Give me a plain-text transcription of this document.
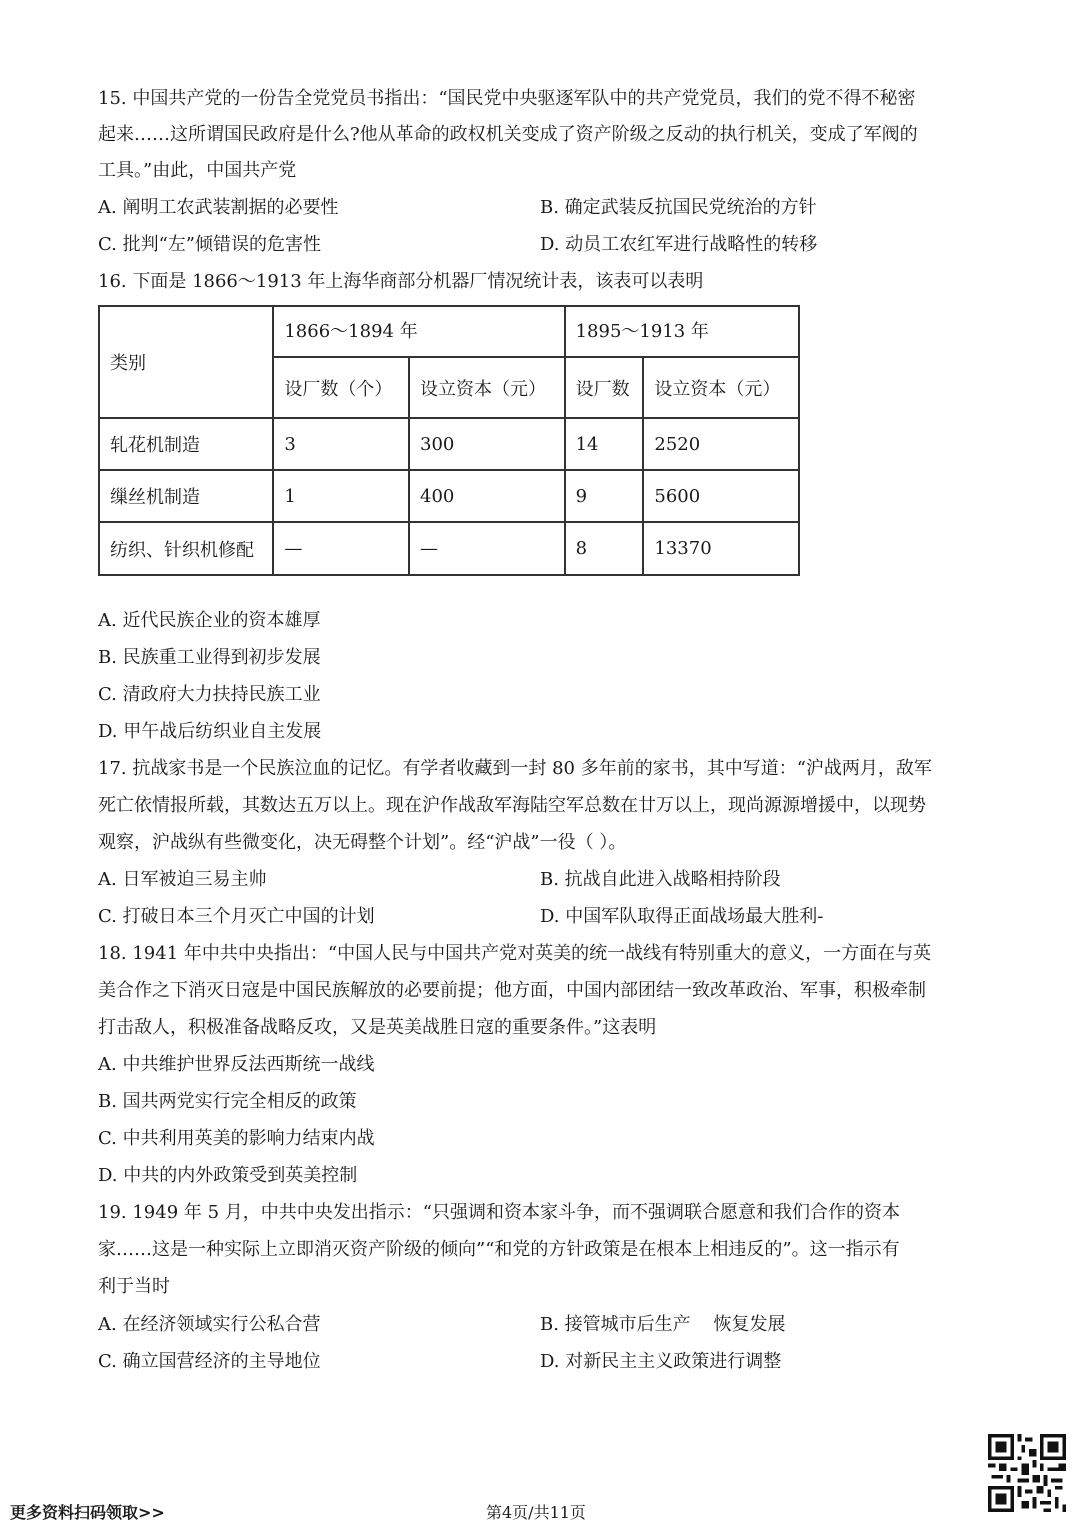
15. 中国共产党的一份告全党党员书指出：“国民党中央驱逐军队中的共产党党员，我们的党不得不秘密
起来……这所谓国民政府是什么?他从革命的政权机关变成了资产阶级之反动的执行机关，变成了军阀的
工具。”由此，中国共产党
A. 阐明工农武装割据的必要性	B. 确定武装反抗国民党统治的方针
C. 批判“左”倾错误的危害性	D. 动员工农红军进行战略性的转移
16. 下面是 1866～1913 年上海华商部分机器厂情况统计表，该表可以表明
类别	1866～1894 年		1895～1913 年	
	设厂数（个）	设立资本（元）	设厂数	设立资本（元）
轧花机制造	3	300	14	2520
缫丝机制造	1	400	9	5600
纺织、针织机修配	—	—	8	13370
A. 近代民族企业的资本雄厚
B. 民族重工业得到初步发展
C. 清政府大力扶持民族工业
D. 甲午战后纺织业自主发展
17. 抗战家书是一个民族泣血的记忆。有学者收藏到一封 80 多年前的家书，其中写道：“沪战两月，敌军
死亡依情报所载，其数达五万以上。现在沪作战敌军海陆空军总数在廿万以上，现尚源源增援中，以现势
观察，沪战纵有些微变化，决无碍整个计划”。经“沪战”一役（ ）。
A. 日军被迫三易主帅	B. 抗战自此进入战略相持阶段
C. 打破日本三个月灭亡中国的计划	D. 中国军队取得正面战场最大胜利-
18. 1941 年中共中央指出：“中国人民与中国共产党对英美的统一战线有特别重大的意义，一方面在与英
美合作之下消灭日寇是中国民族解放的必要前提；他方面，中国内部团结一致改革政治、军事，积极牵制
打击敌人，积极准备战略反攻，又是英美战胜日寇的重要条件。”这表明
A. 中共维护世界反法西斯统一战线
B. 国共两党实行完全相反的政策
C. 中共利用英美的影响力结束内战
D. 中共的内外政策受到英美控制
19. 1949 年 5 月，中共中央发出指示：“只强调和资本家斗争，而不强调联合愿意和我们合作的资本
家……这是一种实际上立即消灭资产阶级的倾向”“和党的方针政策是在根本上相违反的”。这一指示有
利于当时
A. 在经济领域实行公私合营	B. 接管城市后生产    恢复发展
C. 确立国营经济的主导地位	D. 对新民主主义政策进行调整
更多资料扫码领取>>	第4页/共11页
